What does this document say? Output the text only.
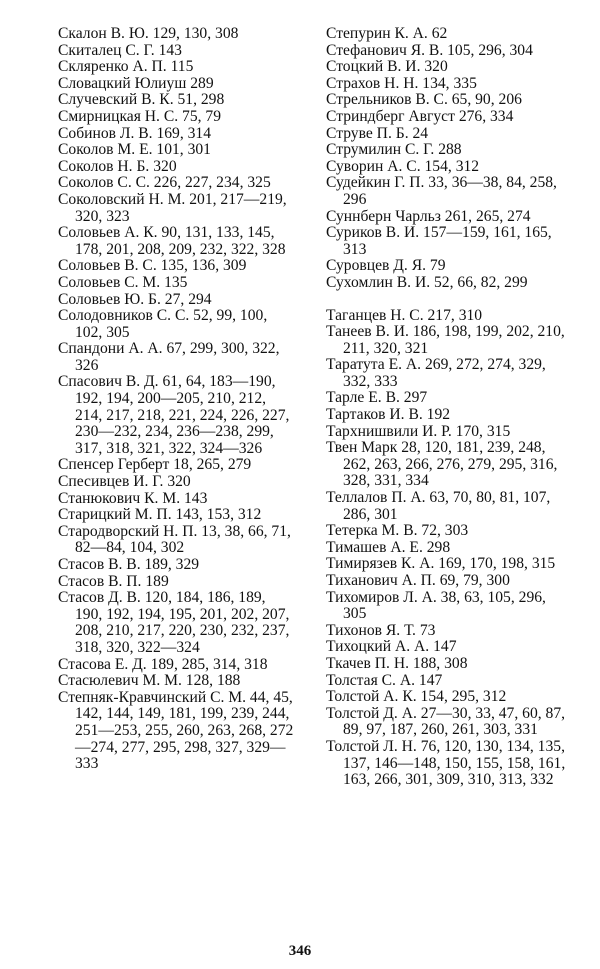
Скалон В. Ю. 129, 130, 308
Скиталец С. Г. 143
Скляренко А. П. 115
Словацкий Юлиуш 289
Случевский В. К. 51, 298
Смирницкая Н. С. 75, 79
Собинов Л. В. 169, 314
Соколов М. Е. 101, 301
Соколов Н. Б. 320
Соколов С. С. 226, 227, 234, 325
Соколовский Н. М. 201, 217—219, 320, 323
Соловьев А. К. 90, 131, 133, 145, 178, 201, 208, 209, 232, 322, 328
Соловьев В. С. 135, 136, 309
Соловьев С. М. 135
Соловьев Ю. Б. 27, 294
Солодовников С. С. 52, 99, 100, 102, 305
Спандони А. А. 67, 299, 300, 322, 326
Спасович В. Д. 61, 64, 183—190, 192, 194, 200—205, 210, 212, 214, 217, 218, 221, 224, 226, 227, 230—232, 234, 236—238, 299, 317, 318, 321, 322, 324—326
Спенсер Герберт 18, 265, 279
Спесивцев И. Г. 320
Станюкович К. М. 143
Старицкий М. П. 143, 153, 312
Стародворский Н. П. 13, 38, 66, 71, 82—84, 104, 302
Стасов В. В. 189, 329
Стасов В. П. 189
Стасов Д. В. 120, 184, 186, 189, 190, 192, 194, 195, 201, 202, 207, 208, 210, 217, 220, 230, 232, 237, 318, 320, 322—324
Стасова Е. Д. 189, 285, 314, 318
Стасюлевич М. М. 128, 188
Степняк-Кравчинский С. М. 44, 45, 142, 144, 149, 181, 199, 239, 244, 251—253, 255, 260, 263, 268, 272—274, 277, 295, 298, 327, 329—333
Степурин К. А. 62
Стефанович Я. В. 105, 296, 304
Стоцкий В. И. 320
Страхов Н. Н. 134, 335
Стрельников В. С. 65, 90, 206
Стриндберг Август 276, 334
Струве П. Б. 24
Струмилин С. Г. 288
Суворин А. С. 154, 312
Судейкин Г. П. 33, 36—38, 84, 258, 296
Суннберн Чарльз 261, 265, 274
Суриков В. И. 157—159, 161, 165, 313
Суровцев Д. Я. 79
Сухомлин В. И. 52, 66, 82, 299
Таганцев Н. С. 217, 310
Танеев В. И. 186, 198, 199, 202, 210, 211, 320, 321
Таратута Е. А. 269, 272, 274, 329, 332, 333
Тарле Е. В. 297
Тартаков И. В. 192
Тархнишвили И. Р. 170, 315
Твен Марк 28, 120, 181, 239, 248, 262, 263, 266, 276, 279, 295, 316, 328, 331, 334
Теллалов П. А. 63, 70, 80, 81, 107, 286, 301
Тетерка М. В. 72, 303
Тимашев А. Е. 298
Тимирязев К. А. 169, 170, 198, 315
Тиханович А. П. 69, 79, 300
Тихомиров Л. А. 38, 63, 105, 296, 305
Тихонов Я. Т. 73
Тихоцкий А. А. 147
Ткачев П. Н. 188, 308
Толстая С. А. 147
Толстой А. К. 154, 295, 312
Толстой Д. А. 27—30, 33, 47, 60, 87, 89, 97, 187, 260, 261, 303, 331
Толстой Л. Н. 76, 120, 130, 134, 135, 137, 146—148, 150, 155, 158, 161, 163, 266, 301, 309, 310, 313, 332
346
